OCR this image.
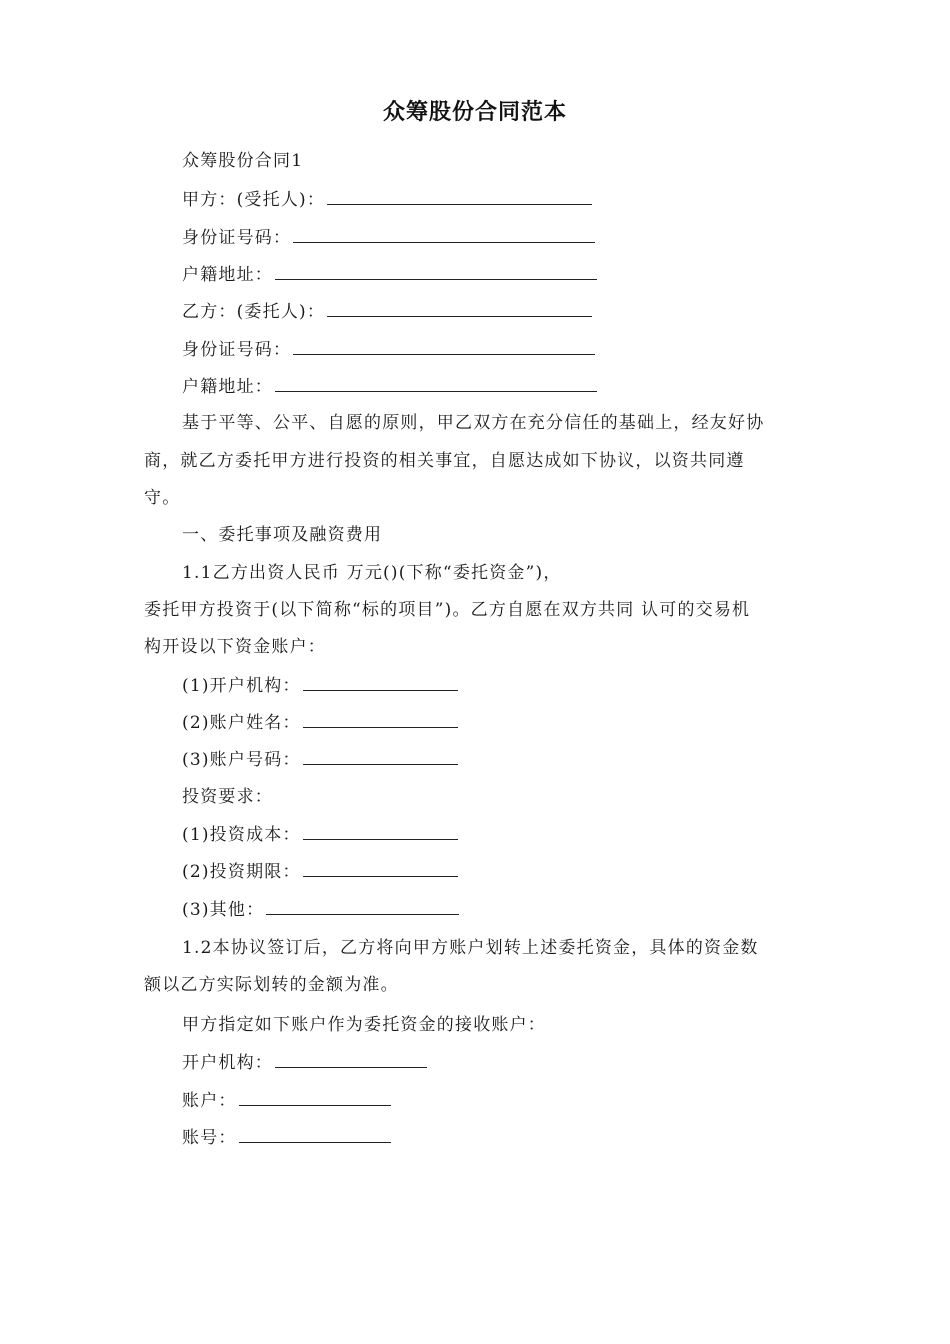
众筹股份合同范本
众筹股份合同1
甲方：(受托人)：
身份证号码：
户籍地址：
乙方：(委托人)：
身份证号码：
户籍地址：
基于平等、公平、自愿的原则，甲乙双方在充分信任的基础上，经友好协
商，就乙方委托甲方进行投资的相关事宜，自愿达成如下协议，以资共同遵
守。
一、委托事项及融资费用
1.1乙方出资人民币 万元()(下称“委托资金”)，
委托甲方投资于(以下简称“标的项目”)。乙方自愿在双方共同 认可的交易机
构开设以下资金账户：
(1)开户机构：
(2)账户姓名：
(3)账户号码：
投资要求：
(1)投资成本：
(2)投资期限：
(3)其他：
1.2本协议签订后，乙方将向甲方账户划转上述委托资金，具体的资金数
额以乙方实际划转的金额为准。
甲方指定如下账户作为委托资金的接收账户：
开户机构：
账户：
账号：
